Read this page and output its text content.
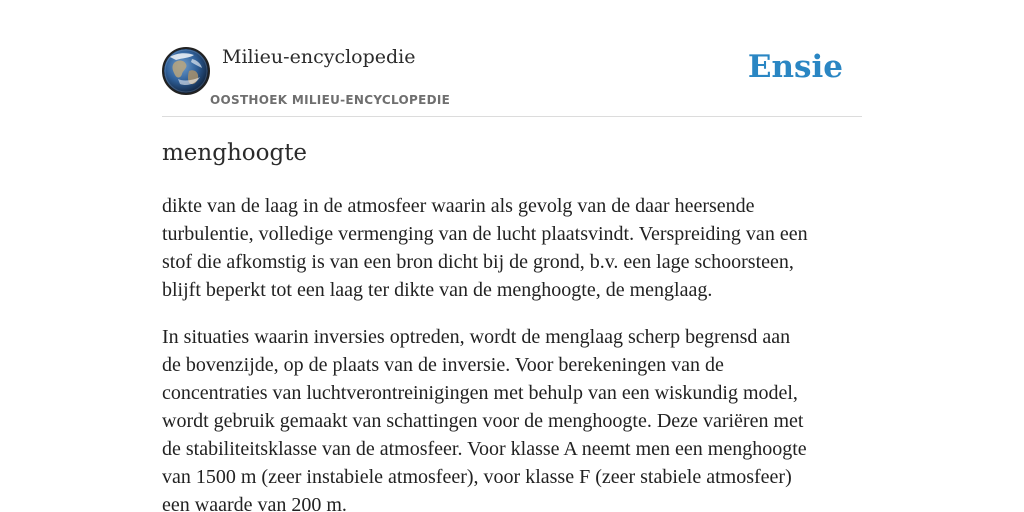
Milieu-encyclopedie
OOSTHOEK MILIEU-ENCYCLOPEDIE
Ensie
menghoogte

dikte van de laag in de atmosfeer waarin als gevolg van de daar heersende
turbulentie, volledige vermenging van de lucht plaatsvindt. Verspreiding van een
stof die afkomstig is van een bron dicht bij de grond, b.v. een lage schoorsteen,
blijft beperkt tot een laag ter dikte van de menghoogte, de menglaag.

In situaties waarin inversies optreden, wordt de menglaag scherp begrensd aan
de bovenzijde, op de plaats van de inversie. Voor berekeningen van de
concentraties van luchtverontreinigingen met behulp van een wiskundig model,
wordt gebruik gemaakt van schattingen voor de menghoogte. Deze variëren met
de stabiliteitsklasse van de atmosfeer. Voor klasse A neemt men een menghoogte
van 1500 m (zeer instabiele atmosfeer), voor klasse F (zeer stabiele atmosfeer)
een waarde van 200 m.
